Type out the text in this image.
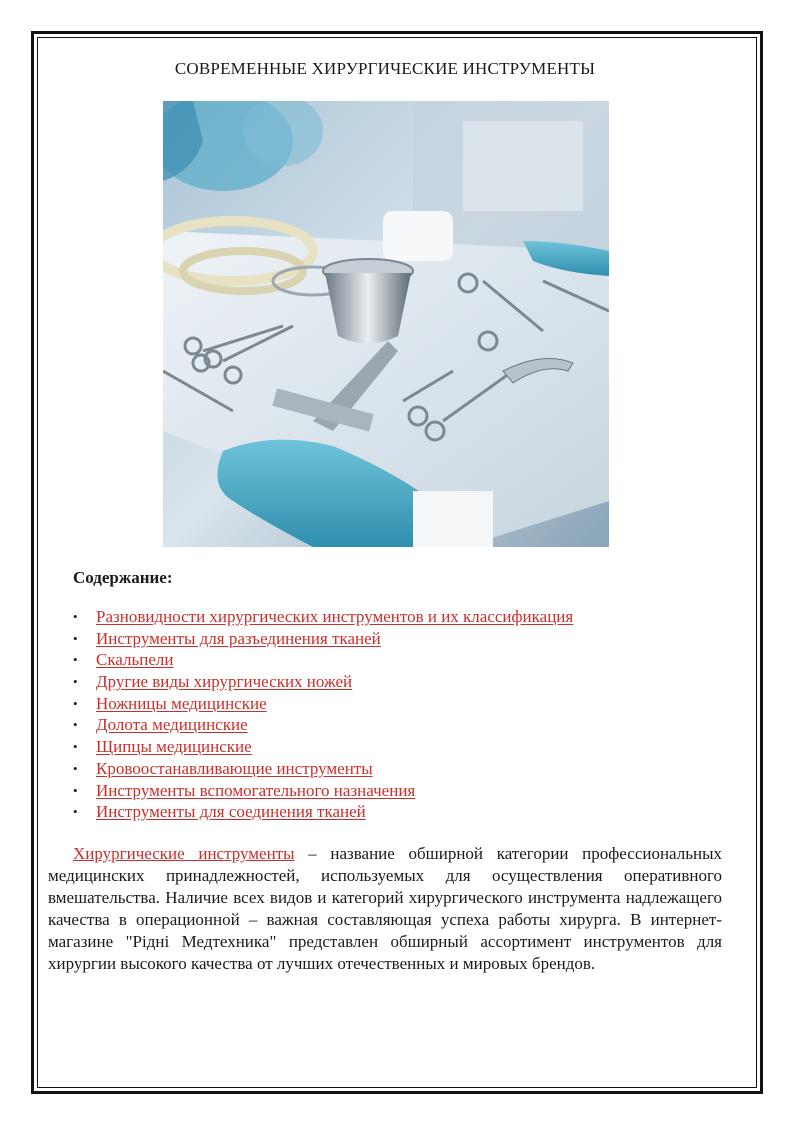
СОВРЕМЕННЫЕ ХИРУРГИЧЕСКИЕ ИНСТРУМЕНТЫ
Содержание:
• Разновидности хирургических инструментов и их классификация
• Инструменты для разъединения тканей
• Скальпели
• Другие виды хирургических ножей
• Ножницы медицинские
• Долота медицинские
• Щипцы медицинские
• Кровоостанавливающие инструменты
• Инструменты вспомогательного назначения
• Инструменты для соединения тканей

Хирургические инструменты – название обширной категории профессиональных медицинских принадлежностей, используемых для осуществления оперативного вмешательства. Наличие всех видов и категорий хирургического инструмента надлежащего качества в операционной – важная составляющая успеха работы хирурга. В интернет-магазине "Рідні Медтехника" представлен обширный ассортимент инструментов для хирургии высокого качества от лучших отечественных и мировых брендов.
